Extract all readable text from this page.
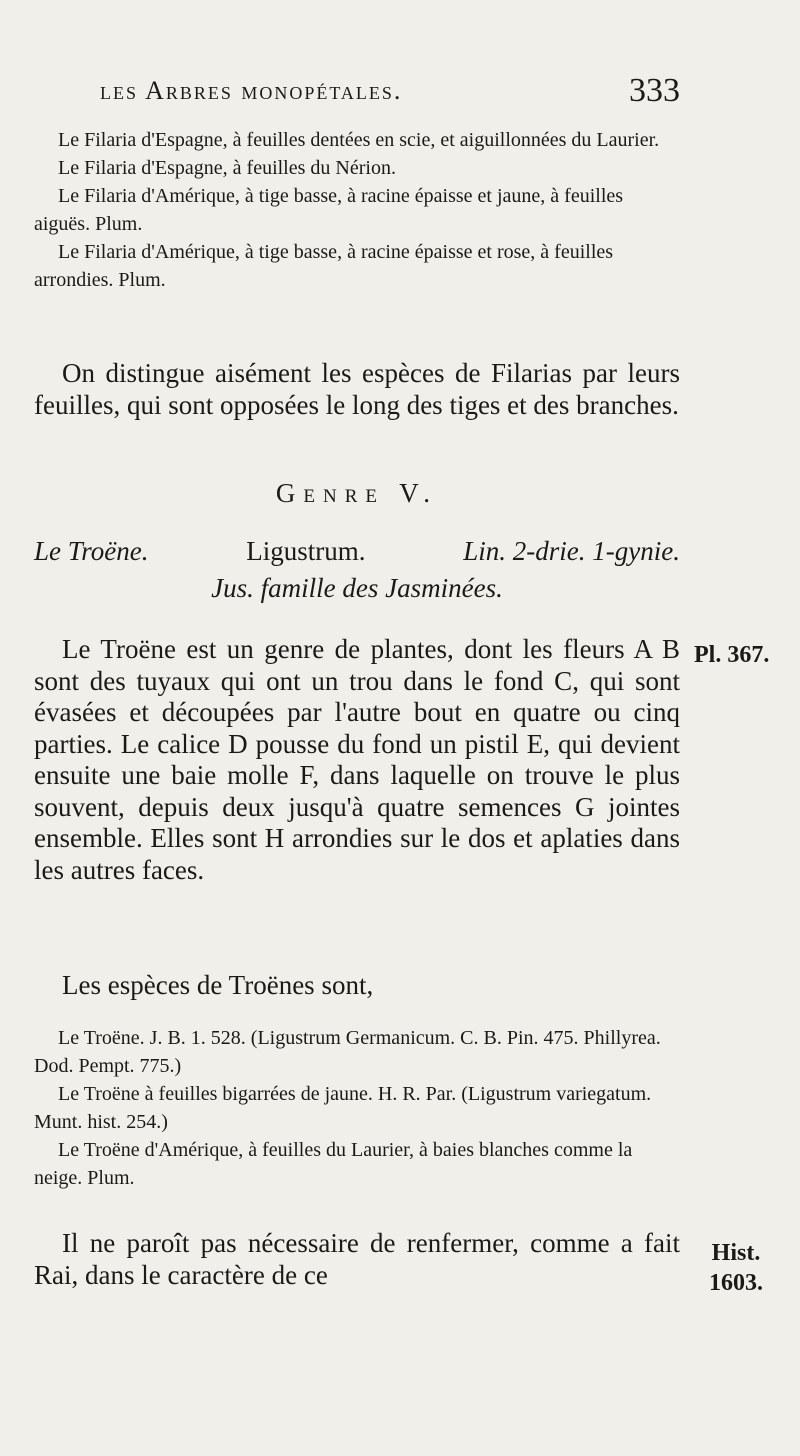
les Arbres monopétales.	333

Le Filaria d'Espagne, à feuilles dentées en scie, et aiguillonnées du Laurier.

Le Filaria d'Espagne, à feuilles du Nérion.

Le Filaria d'Amérique, à tige basse, à racine épaisse et jaune, à feuilles aiguës. Plum.

Le Filaria d'Amérique, à tige basse, à racine épaisse et rose, à feuilles arrondies. Plum.

On distingue aisément les espèces de Filarias par leurs feuilles, qui sont opposées le long des tiges et des branches.

Genre V.
Le Troëne.	Ligustrum.	Lin. 2-drie. 1-gynie.
Jus. famille des Jasminées.

Le Troëne est un genre de plantes, dont les fleurs A B sont des tuyaux qui ont un trou dans le fond C, qui sont évasées et découpées par l'autre bout en quatre ou cinq parties. Le calice D pousse du fond un pistil E, qui devient ensuite une baie molle F, dans laquelle on trouve le plus souvent, depuis deux jusqu'à quatre semences G jointes ensemble. Elles sont H arrondies sur le dos et aplaties dans les autres faces.

Pl. 367.

Les espèces de Troënes sont,

Le Troëne. J. B. 1. 528. (Ligustrum Germanicum. C. B. Pin. 475. Phillyrea. Dod. Pempt. 775.)

Le Troëne à feuilles bigarrées de jaune. H. R. Par. (Ligustrum variegatum. Munt. hist. 254.)

Le Troëne d'Amérique, à feuilles du Laurier, à baies blanches comme la neige. Plum.

Il ne paroît pas nécessaire de renfermer, comme a fait Rai, dans le caractère de ce

Hist. 1603.
